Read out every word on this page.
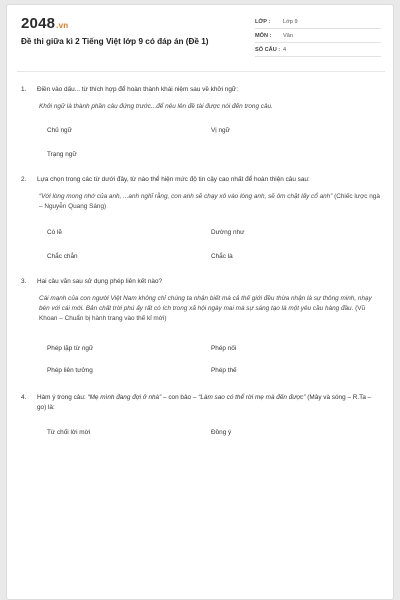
2048.vn
Đề thi giữa kì 2 Tiếng Việt lớp 9 có đáp án (Đề 1)
LỚP :	Lớp 9
MÔN :	Văn
SỐ CÂU : 4
1.	Điền vào dấu... từ thích hợp để hoàn thành khái niệm sau về khởi ngữ:
Khởi ngữ là thành phần câu đứng trước...để nêu lên đề tài được nói đến trong câu.
Chủ ngữ	Vị ngữ
Trạng ngữ
2.	Lựa chọn trong các từ dưới đây, từ nào thể hiện mức độ tin cậy cao nhất để hoàn thiện câu sau:
“Với lòng mong nhớ của anh, ...anh nghĩ rằng, con anh sẽ chạy xô vào lòng anh, sẽ ôm chặt lấy cổ anh” (Chiếc lược ngà – Nguyễn Quang Sáng)
Có lẽ	Dường như
Chắc chắn	Chắc là
3.	Hai câu văn sau sử dụng phép liên kết nào?
Cái mạnh của con người Việt Nam không chỉ chúng ta nhận biết mà cả thế giới đều thừa nhận là sự thông minh, nhạy bén với cái mới. Bản chất trời phú ấy rất có ích trong xã hội ngày mai mà sự sáng tạo là một yêu cầu hàng đầu. (Vũ Khoan – Chuẩn bị hành trang vào thế kỉ mới)
Phép lặp từ ngữ	Phép nối
Phép liên tưởng	Phép thế
4.	Hàm ý trong câu: “Mẹ mình đang đợi ở nhà” – con bảo – “Làm sao có thể rời mẹ mà đến được” (Mây và sóng – R.Ta – go) là:
Từ chối lời mời	Đồng ý
